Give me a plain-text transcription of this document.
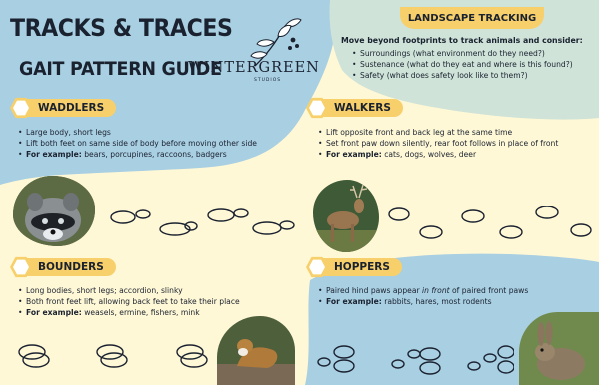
TRACKS & TRACES
GAIT PATTERN GUIDE
WINTERGREEN
STUDIOS
LANDSCAPE TRACKING
Move beyond footprints to track animals and consider:
• Surroundings (what environment do they need?)
• Sustenance (what do they eat and where is this found?)
• Safety (what does safety look like to them?)
WADDLERS
• Large body, short legs
• Lift both feet on same side of body before moving other side
• For example: bears, porcupines, raccoons, badgers
WALKERS
• Lift opposite front and back leg at the same time
• Set front paw down silently, rear foot follows in place of front
• For example: cats, dogs, wolves, deer
BOUNDERS
• Long bodies, short legs; accordion, slinky
• Both front feet lift, allowing back feet to take their place
• For example: weasels, ermine, fishers, mink
HOPPERS
• Paired hind paws appear in front of paired front paws
• For example: rabbits, hares, most rodents
